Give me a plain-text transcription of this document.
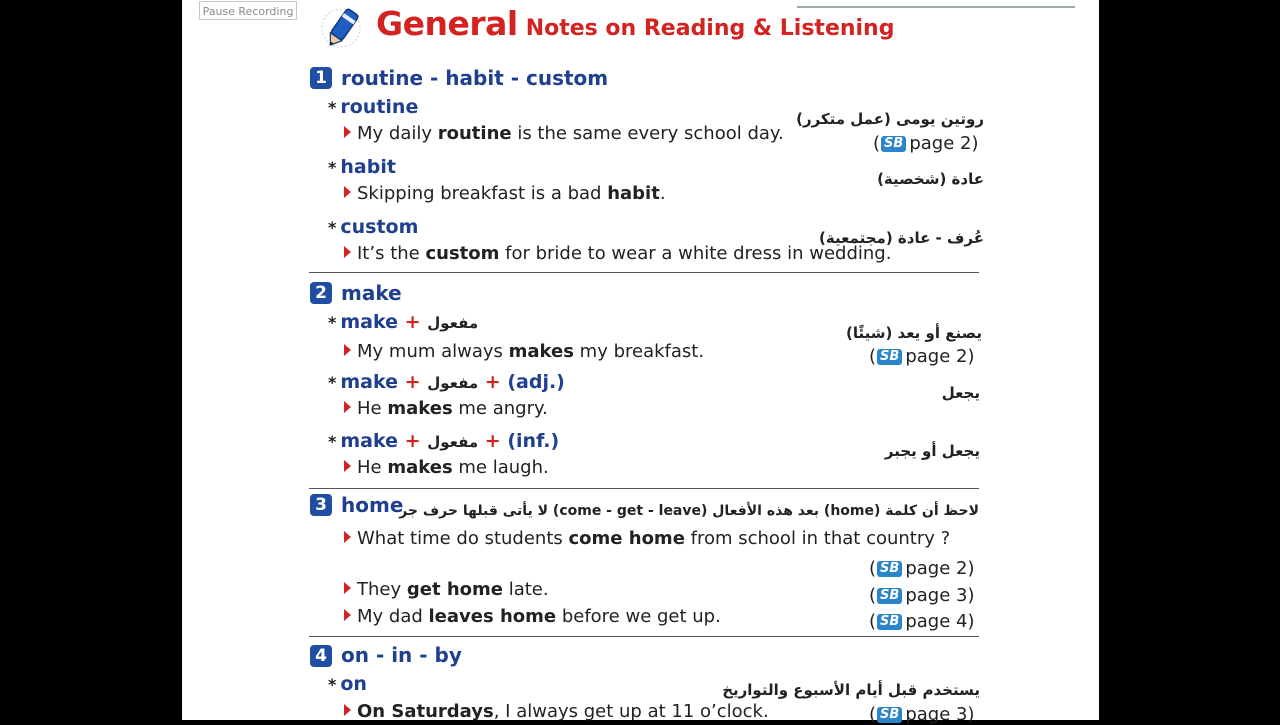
Pause Recording	General Notes on Reading & Listening
1 routine - habit - custom
* routine
روتين يومى (عمل متكرر)
My daily routine is the same every school day.	( SB page 2)
* habit
عادة (شخصية)
Skipping breakfast is a bad habit.
* custom	عُرف - عادة (مجتمعية)
It’s the custom for bride to wear a white dress in wedding.
2 make
* make + مفعول
يصنع أو يعد (شيئًا)
My mum always makes my breakfast.	( SB page 2)
* make + مفعول + (adj.)	يجعل
He makes me angry.
* make + مفعول + (inf.)	يجعل أو يجبر
He makes me laugh.
3 home
لاحظ أن كلمة (home) بعد هذه الأفعال (come - get - leave) لا يأتى قبلها حرف جر
What time do students come home from school in that country ?
( SB page 2)
They get home late.	( SB page 3)
My dad leaves home before we get up.	( SB page 4)
4 on - in - by
* on	يستخدم قبل أيام الأسبوع والتواريخ
On Saturdays, I always get up at 11 o’clock.	( SB page 3)
